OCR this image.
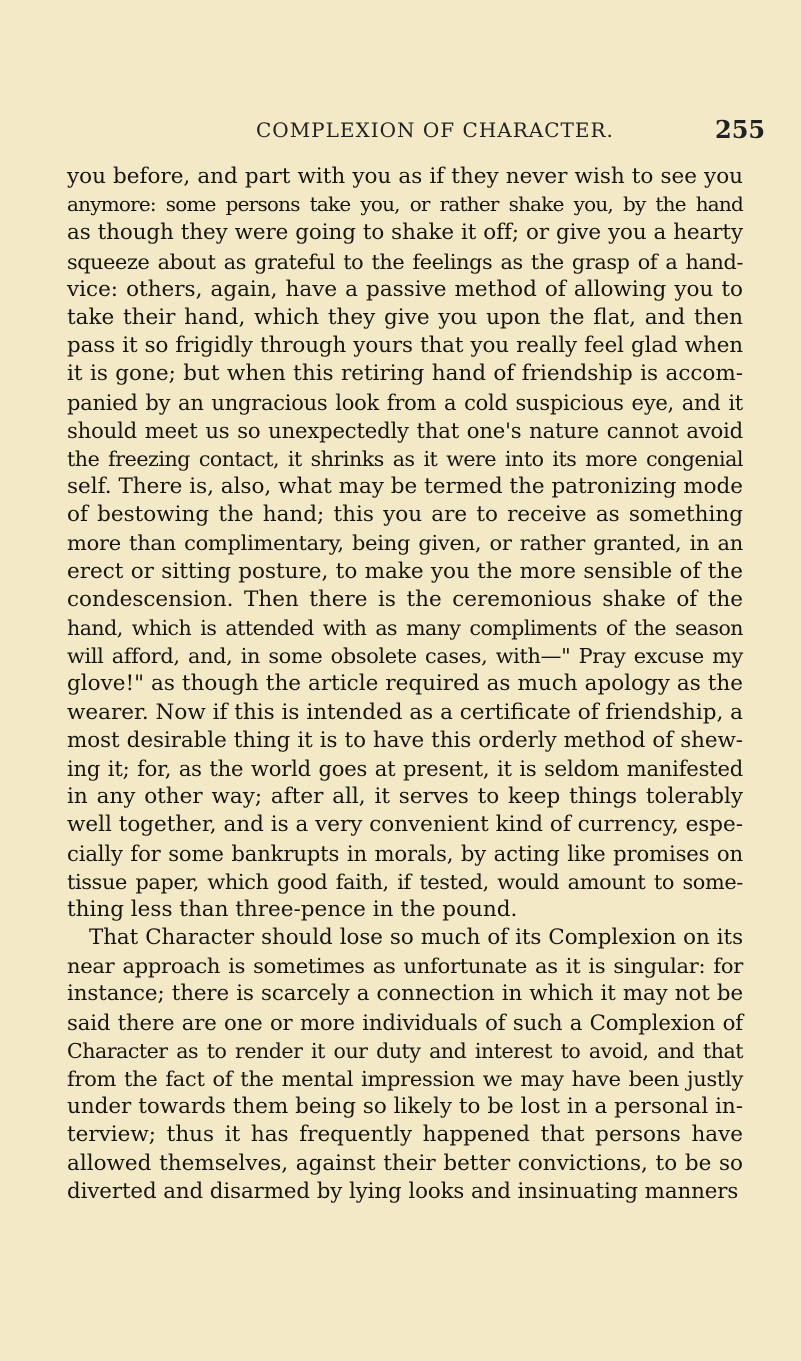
COMPLEXION OF CHARACTER.	255
you before, and part with you as if they never wish to see you
anymore: some persons take you, or rather shake you, by the hand
as though they were going to shake it off; or give you a hearty
squeeze about as grateful to the feelings as the grasp of a hand-
vice: others, again, have a passive method of allowing you to
take their hand, which they give you upon the flat, and then
pass it so frigidly through yours that you really feel glad when
it is gone; but when this retiring hand of friendship is accom-
panied by an ungracious look from a cold suspicious eye, and it
should meet us so unexpectedly that one's nature cannot avoid
the freezing contact, it shrinks as it were into its more congenial
self. There is, also, what may be termed the patronizing mode
of bestowing the hand; this you are to receive as something
more than complimentary, being given, or rather granted, in an
erect or sitting posture, to make you the more sensible of the
condescension. Then there is the ceremonious shake of the
hand, which is attended with as many compliments of the season
will afford, and, in some obsolete cases, with—" Pray excuse my
glove!" as though the article required as much apology as the
wearer. Now if this is intended as a certificate of friendship, a
most desirable thing it is to have this orderly method of shew-
ing it; for, as the world goes at present, it is seldom manifested
in any other way; after all, it serves to keep things tolerably
well together, and is a very convenient kind of currency, espe-
cially for some bankrupts in morals, by acting like promises on
tissue paper, which good faith, if tested, would amount to some-
thing less than three-pence in the pound.
That Character should lose so much of its Complexion on its
near approach is sometimes as unfortunate as it is singular: for
instance; there is scarcely a connection in which it may not be
said there are one or more individuals of such a Complexion of
Character as to render it our duty and interest to avoid, and that
from the fact of the mental impression we may have been justly
under towards them being so likely to be lost in a personal in-
terview; thus it has frequently happened that persons have
allowed themselves, against their better convictions, to be so
diverted and disarmed by lying looks and insinuating manners
